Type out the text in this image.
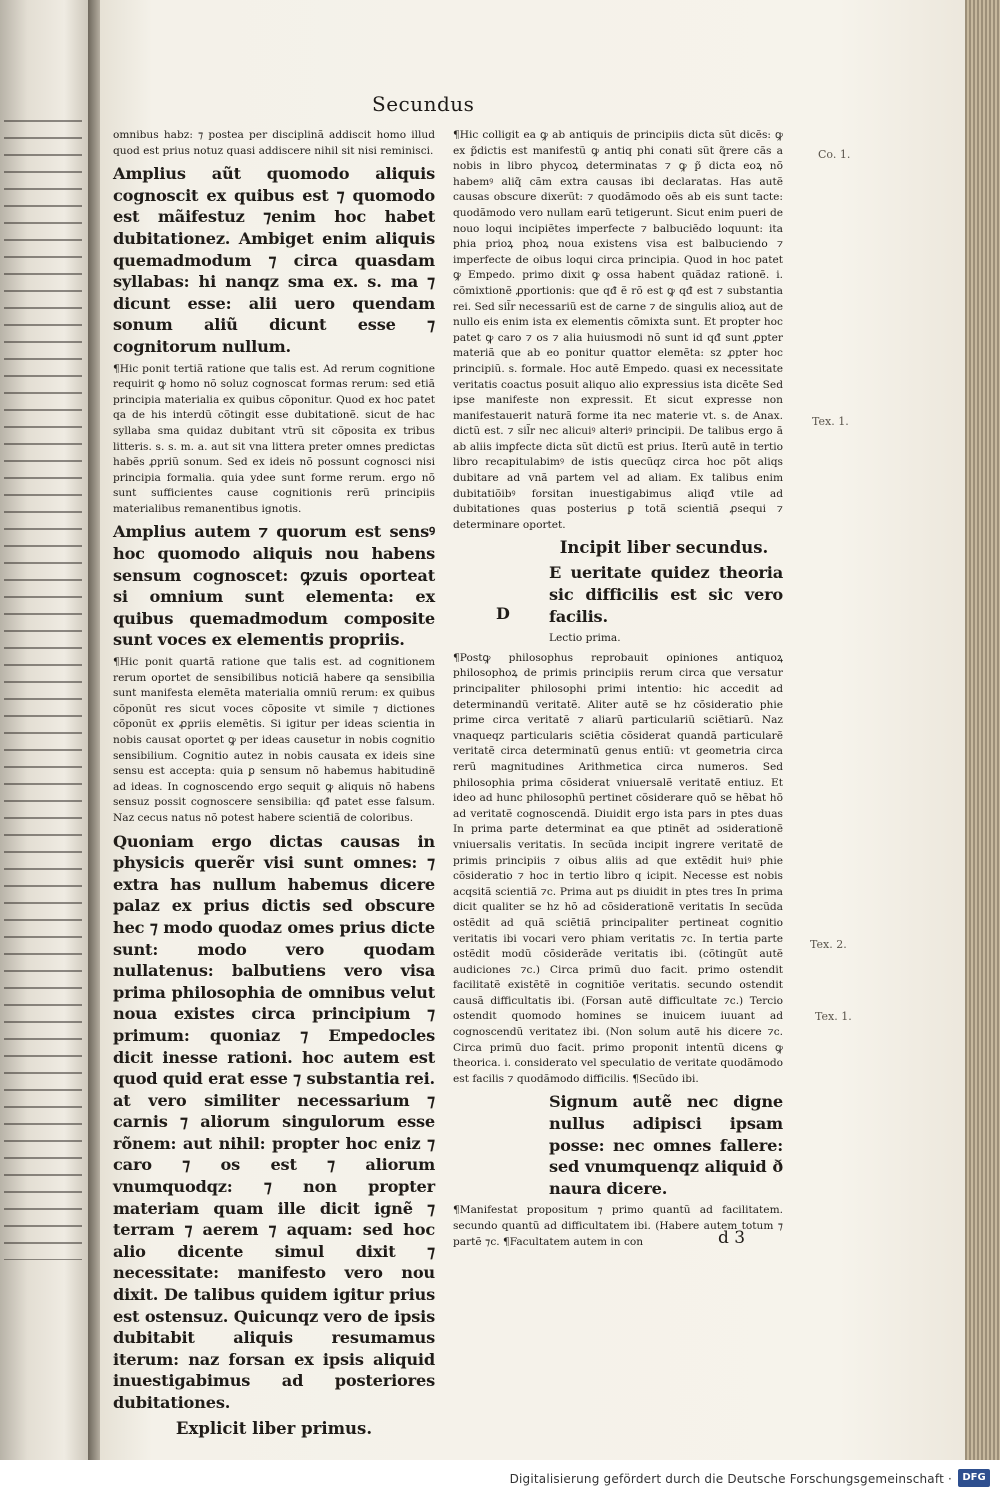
Secundus

omnibus habz: ⁊ postea per disciplinã addiscit homo illud quod est prius notuz quasi addiscere nihil sit nisi reminisci.

Amplius aũt quomodo aliquis cognoscit ex quibus est ⁊ quomodo est mãifestuz ⁊enim hoc habet dubitationez. Ambiget enim aliquis quemadmodum ⁊ circa quasdam syllabas: hi nanqz sma ex. s. ma ⁊ dicunt esse: alii uero quendam sonum aliũ dicunt esse ⁊ cognitorum nullum.

¶Hic ponit tertiã ratione que talis est. Ad rerum cognitione requirit ꝙ homo nõ soluz cognoscat formas rerum: sed etiã principia materialia ex quibus cõponitur. Quod ex hoc patet qa de his interdũ cõtingit esse dubitationẽ. sicut de hac syllaba sma quidaz dubitant vtrũ sit cõposita ex tribus litteris. s. s. m. a. aut sit vna littera preter omnes predictas habẽs ꝓpriũ sonum. Sed ex ideis nõ possunt cognosci nisi principia formalia. quia ydee sunt forme rerum. ergo nõ sunt sufficientes cause cognitionis rerũ principiis materialibus remanentibus ignotis.

Amplius autem ⁊ quorum est sensꝰ hoc quomodo aliquis nou habens sensum cognoscet: ꝙzuis oporteat si omnium sunt elementa: ex quibus quemadmodum composite sunt voces ex elementis propriis.

¶Hic ponit quartã ratione que talis est. ad cognitionem rerum oportet de sensibilibus noticiã habere qa sensibilia sunt manifesta elemẽta materialia omniũ rerum: ex quibus cõponũt res sicut voces cõposite vt simile ⁊ dictiones cõponũt ex ꝓpriis elemẽtis. Si igitur per ideas scientia in nobis causat oportet ꝙ per ideas causetur in nobis cognitio sensibilium. Cognitio autez in nobis causata ex ideis sine sensu est accepta: quia ꝑ sensum nõ habemus habitudinẽ ad ideas. In cognoscendo ergo sequit ꝙ aliquis nõ habens sensuz possit cognoscere sensibilia: qđ patet esse falsum. Naz cecus natus nõ potest habere scientiã de coloribus.

Quoniam ergo dictas causas in physicis querẽr visi sunt omnes: ⁊ extra has nullum habemus dicere palaz ex prius dictis sed obscure hec ⁊ modo quodaz omes prius dicte sunt: modo vero quodam nullatenus: balbutiens vero visa prima philosophia de omnibus velut noua existes circa principium ⁊ primum: quoniaz ⁊ Empedocles dicit inesse rationi. hoc autem est quod quid erat esse ⁊ substantia rei. at vero similiter necessarium ⁊ carnis ⁊ aliorum singulorum esse rõnem: aut nihil: propter hoc eniz ⁊ caro ⁊ os est ⁊ aliorum vnumquodqz: ⁊ non propter materiam quam ille dicit ignẽ ⁊ terram ⁊ aerem ⁊ aquam: sed hoc alio dicente simul dixit ⁊ necessitate: manifesto vero nou dixit. De talibus quidem igitur prius est ostensuz. Quicunqz vero de ipsis dubitabit aliquis resumamus iterum: naz forsan ex ipsis aliquid inuestigabimus ad posteriores dubitationes.

Explicit liber primus.

¶Hic colligit ea ꝙ ab antiquis de principiis dicta sũt dicẽs: ꝙ ex p̃dictis est manifestũ ꝙ antiq phi conati sũt q̃rere cãs a nobis in libro phycoꝝ determinatas ⁊ ꝙ p̃ dicta eoꝝ nõ habemꝰ aliq̃ cãm extra causas ibi declaratas. Has autẽ causas obscure dixerũt: ⁊ quodãmodo oẽs ab eis sunt tacte: quodãmodo vero nullam earũ tetigerunt. Sicut enim pueri de nouo loqui incipiẽtes imperfecte ⁊ balbuciẽdo loquunt: ita phia prioꝝ phoꝝ noua existens visa est balbuciendo ⁊ imperfecte de oibus loqui circa principia. Quod in hoc patet ꝙ Empedo. primo dixit ꝙ ossa habent quãdaz rationẽ. i. cõmixtionẽ ꝓportionis: que qđ ẽ rõ est ꝙ qđ est ⁊ substantia rei. Sed sil̃r necessariũ est de carne ⁊ de singulis alioꝝ aut de nullo eis enim ista ex elementis cõmixta sunt. Et propter hoc patet ꝙ caro ⁊ os ⁊ alia huiusmodi nõ sunt id qđ sunt ꝓpter materiã que ab eo ponitur quattor elemẽta: sz ꝓpter hoc principiũ. s. formale. Hoc autẽ Empedo. quasi ex necessitate veritatis coactus posuit aliquo alio expressius ista dicẽte Sed ipse manifeste non expressit. Et sicut expresse non manifestauerit naturã forme ita nec materie vt. s. de Anax. dictũ est. ⁊ sil̃r nec alicuiꝰ alteriꝰ principii. De talibus ergo ã ab aliis imꝑfecte dicta sũt dictũ est prius. Iterũ autẽ in tertio libro recapitulabimꝰ de istis quecũqz circa hoc põt aliqs dubitare ad vnã partem vel ad aliam. Ex talibus enim dubitatiõibꝰ forsitan inuestigabimus aliqđ vtile ad dubitationes quas posterius ꝑ totã scientiã ꝓsequi ⁊ determinare oportet.

Incipit liber secundus.

E ueritate quidez theoria sic difficilis est sic vero facilis.

Lectio prima.

¶Postꝙ philosophus reprobauit opiniones antiquoꝝ philosophoꝝ de primis principiis rerum circa que versatur principaliter philosophi primi intentio: hic accedit ad determinandũ veritatẽ. Aliter autẽ se hz cõsideratio phie prime circa veritatẽ ⁊ aliarũ particulariũ sciẽtiarũ. Naz vnaqueqz particularis sciẽtia cõsiderat quandã particularẽ veritatẽ circa determinatũ genus entiũ: vt geometria circa rerũ magnitudines Arithmetica circa numeros. Sed philosophia prima cõsiderat vniuersalẽ veritatẽ entiuz. Et ideo ad hunc philosophũ pertinet cõsiderare quõ se hẽbat hõ ad veritatẽ cognoscendã. Diuidit ergo ista pars in ptes duas In prima parte determinat ea que ptinẽt ad ↄsiderationẽ vniuersalis veritatis. In secũda incipit ingrere veritatẽ de primis principiis ⁊ oibus aliis ad que extẽdit huiꝰ phie cõsideratio ⁊ hoc in tertio libro q icipit. Necesse est nobis acqsitã scientiã ⁊c. Prima aut ps diuidit in ptes tres In prima dicit qualiter se hz hõ ad cõsiderationẽ veritatis In secũda ostẽdit ad quã sciẽtiã principaliter pertineat cognitio veritatis ibi vocari vero phiam veritatis ⁊c. In tertia parte ostẽdit modũ cõsiderãde veritatis ibi. (cõtingũt autẽ audiciones ⁊c.) Circa primũ duo facit. primo ostendit facilitatẽ existẽtẽ in cognitiõe veritatis. secundo ostendit causã difficultatis ibi. (Forsan autẽ difficultate ⁊c.) Tercio ostendit quomodo homines se inuicem iuuant ad cognoscendũ veritatez ibi. (Non solum autẽ his dicere ⁊c. Circa primũ duo facit. primo proponit intentũ dicens ꝙ theorica. i. considerato vel speculatio de veritate quodãmodo est facilis ⁊ quodãmodo difficilis. ¶Secũdo ibi.

Signum autẽ nec digne nullus adipisci ipsam posse: nec omnes fallere: sed vnumquenqz aliquid ð naura dicere.

¶Manifestat propositum ⁊ primo quantũ ad facilitatem. secundo quantũ ad difficultatem ibi. (Habere autem totum ⁊ partẽ ⁊c. ¶Facultatem autem in con

D
Co. 1.
Tex. 1.
Tex. 2.
Tex. 1.
d 3
Digitalisierung gefördert durch die Deutsche Forschungsgemeinschaft ·	DFG
